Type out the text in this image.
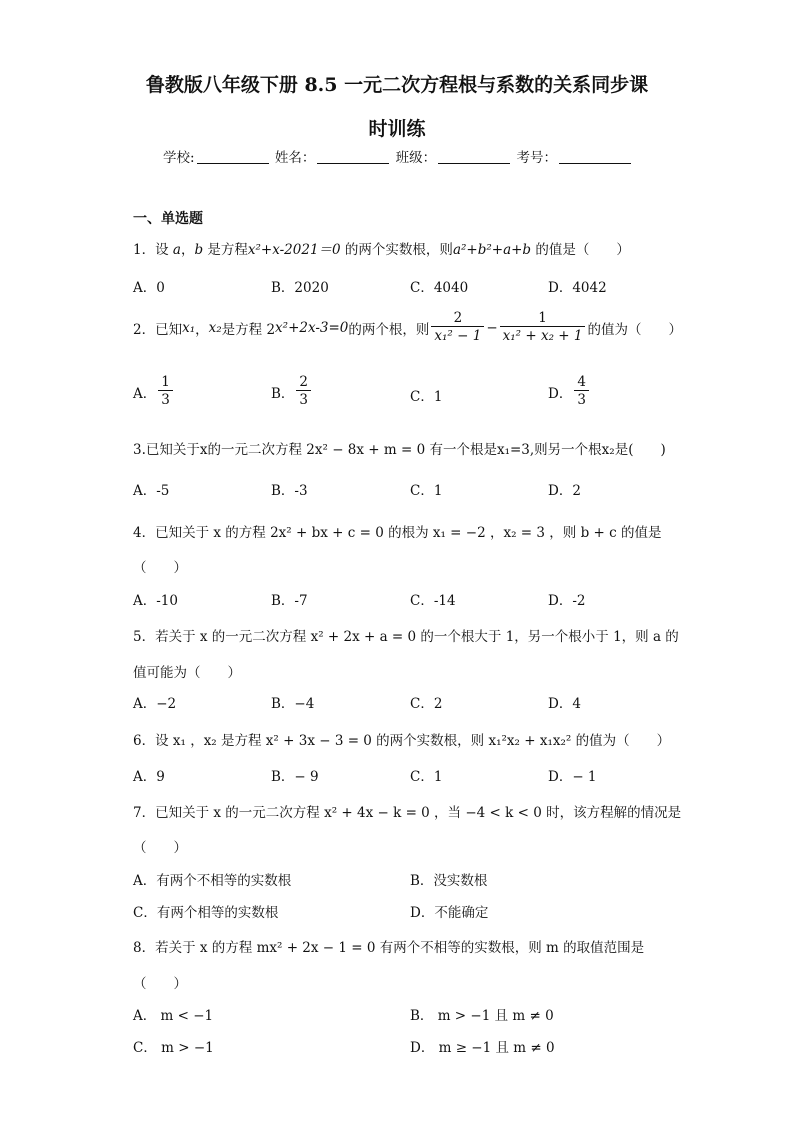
鲁教版八年级下册 8.5 一元二次方程根与系数的关系同步课
时训练
学校:	姓名：	班级：	考号：
一、单选题
1．设 a，b 是方程x²+x-2021＝0 的两个实数根，则a²+b²+a+b 的值是（　　）
A．0	B．2020	C．4040	D．4042
2．已知 x₁ ， x₂ 是方程 2 x²+2x-3=0 的两个根，则 $\frac{2}{\text{x₁² − 1}} - \frac{1}{\text{x₁² + x₂ + 1}}$ 的值为（　　）
A． $\frac{1}{3}$	B． $\frac{2}{3}$	C．1	D． $\frac{4}{3}$
3.已知关于x的一元二次方程 2x² − 8x + m = 0 有一个根是x₁=3,则另一个根x₂是(　　)
A．-5	B．-3	C．1	D．2
4．已知关于 x 的方程 2x² + bx + c = 0 的根为 x₁ = −2 ，x₂ = 3 ，则 b + c 的值是
（　　）
A．-10	B．-7	C．-14	D．-2
5．若关于 x 的一元二次方程 x² + 2x + a = 0 的一个根大于 1，另一个根小于 1，则 a 的
值可能为（　　）
A．−2	B．−4	C．2	D．4
6．设 x₁ ，x₂ 是方程 x² + 3x − 3 = 0 的两个实数根，则 x₁²x₂ + x₁x₂² 的值为（　　）
A．9	B．− 9	C．1	D．− 1
7．已知关于 x 的一元二次方程 x² + 4x − k = 0 ，当 −4 < k < 0 时，该方程解的情况是
（　　）
A．有两个不相等的实数根	B．没实数根
C．有两个相等的实数根	D．不能确定
8．若关于 x 的方程 mx² + 2x − 1 = 0 有两个不相等的实数根，则 m 的取值范围是
（　　）
A． m < −1	B． m > −1 且 m ≠ 0
C． m > −1	D． m ≥ −1 且 m ≠ 0
